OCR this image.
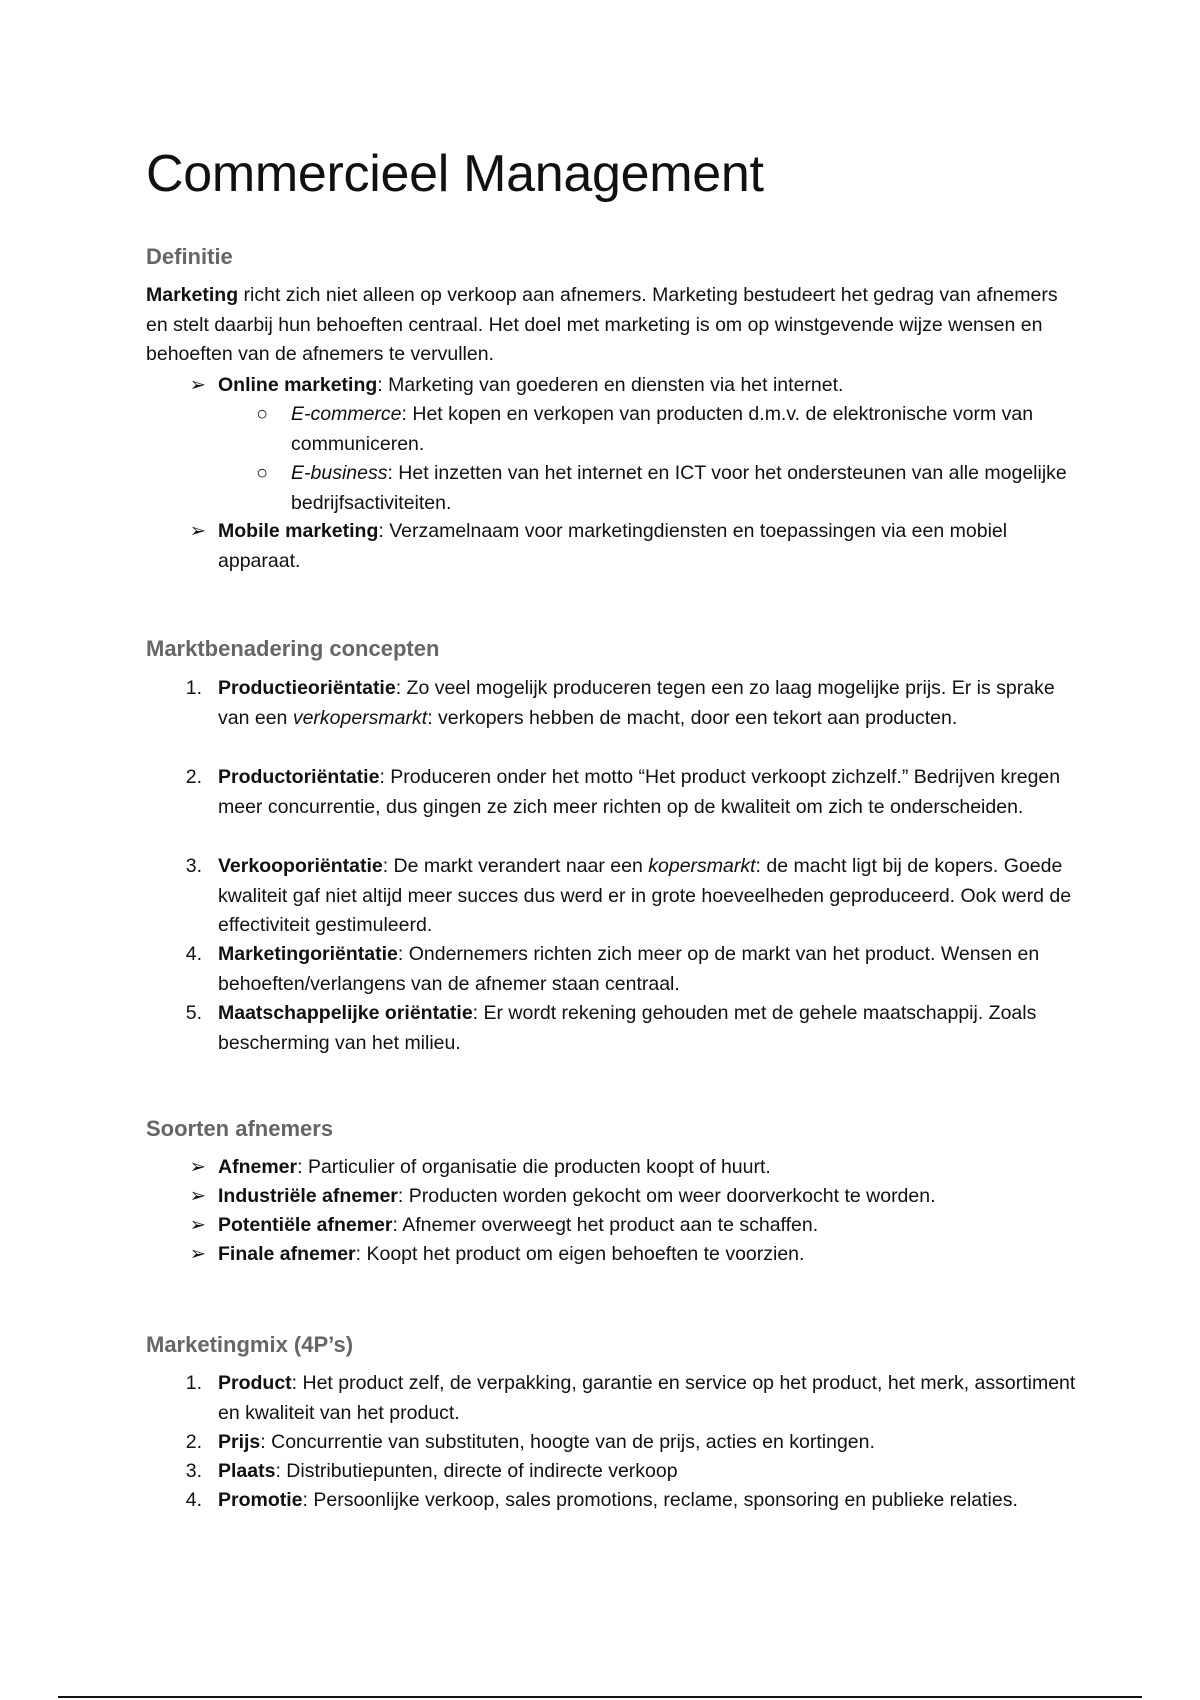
Commercieel Management
Definitie

Marketing richt zich niet alleen op verkoop aan afnemers. Marketing bestudeert het gedrag van afnemers en stelt daarbij hun behoeften centraal. Het doel met marketing is om op winstgevende wijze wensen en behoeften van de afnemers te vervullen.

➢ Online marketing: Marketing van goederen en diensten via het internet.
○ E-commerce: Het kopen en verkopen van producten d.m.v. de elektronische vorm van communiceren.
○ E-business: Het inzetten van het internet en ICT voor het ondersteunen van alle mogelijke bedrijfsactiviteiten.
➢ Mobile marketing: Verzamelnaam voor marketingdiensten en toepassingen via een mobiel apparaat.
Marktbenadering concepten
1. Productieoriëntatie: Zo veel mogelijk produceren tegen een zo laag mogelijke prijs. Er is sprake van een verkopersmarkt: verkopers hebben de macht, door een tekort aan producten.
2. Productoriëntatie: Produceren onder het motto “Het product verkoopt zichzelf.” Bedrijven kregen meer concurrentie, dus gingen ze zich meer richten op de kwaliteit om zich te onderscheiden.
3. Verkooporiëntatie: De markt verandert naar een kopersmarkt: de macht ligt bij de kopers. Goede kwaliteit gaf niet altijd meer succes dus werd er in grote hoeveelheden geproduceerd. Ook werd de effectiviteit gestimuleerd.
4. Marketingoriëntatie: Ondernemers richten zich meer op de markt van het product. Wensen en behoeften/verlangens van de afnemer staan centraal.
5. Maatschappelijke oriëntatie: Er wordt rekening gehouden met de gehele maatschappij. Zoals bescherming van het milieu.
Soorten afnemers
➢ Afnemer: Particulier of organisatie die producten koopt of huurt.
➢ Industriële afnemer: Producten worden gekocht om weer doorverkocht te worden.
➢ Potentiële afnemer: Afnemer overweegt het product aan te schaffen.
➢ Finale afnemer: Koopt het product om eigen behoeften te voorzien.
Marketingmix (4P’s)
1. Product: Het product zelf, de verpakking, garantie en service op het product, het merk, assortiment en kwaliteit van het product.
2. Prijs: Concurrentie van substituten, hoogte van de prijs, acties en kortingen.
3. Plaats: Distributiepunten, directe of indirecte verkoop
4. Promotie: Persoonlijke verkoop, sales promotions, reclame, sponsoring en publieke relaties.
